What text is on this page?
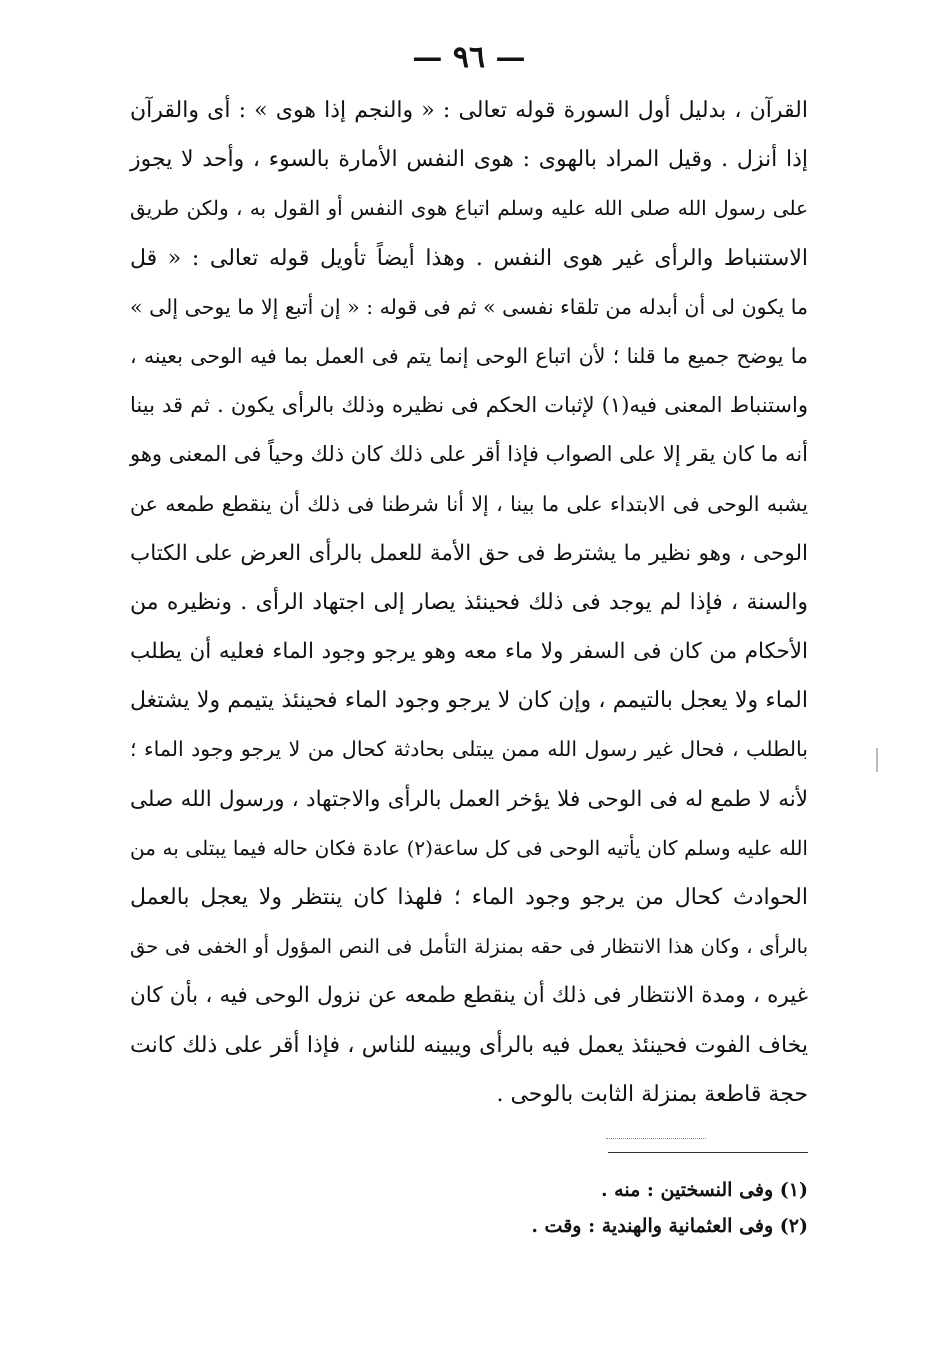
— ٩٦ —
القرآن ، بدليل أول السورة قوله تعالى : « والنجم إذا هوى » : أى والقرآن
إذا أنزل . وقيل المراد بالهوى : هوى النفس الأمارة بالسوء ، وأحد لا يجوز
على رسول الله صلى الله عليه وسلم اتباع هوى النفس أو القول به ، ولكن طريق
الاستنباط والرأى غير هوى النفس . وهذا أيضاً تأويل قوله تعالى : « قل
ما يكون لى أن أبدله من تلقاء نفسى » ثم فى قوله : « إن أتبع إلا ما يوحى إلى »
ما يوضح جميع ما قلنا ؛ لأن اتباع الوحى إنما يتم فى العمل بما فيه الوحى بعينه ،
واستنباط المعنى فيه(١) لإثبات الحكم فى نظيره وذلك بالرأى يكون . ثم قد بينا
أنه ما كان يقر إلا على الصواب فإذا أقر على ذلك كان ذلك وحياً فى المعنى وهو
يشبه الوحى فى الابتداء على ما بينا ، إلا أنا شرطنا فى ذلك أن ينقطع طمعه عن
الوحى ، وهو نظير ما يشترط فى حق الأمة للعمل بالرأى العرض على الكتاب
والسنة ، فإذا لم يوجد فى ذلك فحينئذ يصار إلى اجتهاد الرأى . ونظيره من
الأحكام من كان فى السفر ولا ماء معه وهو يرجو وجود الماء فعليه أن يطلب
الماء ولا يعجل بالتيمم ، وإن كان لا يرجو وجود الماء فحينئذ يتيمم ولا يشتغل
بالطلب ، فحال غير رسول الله ممن يبتلى بحادثة كحال من لا يرجو وجود الماء ؛
لأنه لا طمع له فى الوحى فلا يؤخر العمل بالرأى والاجتهاد ، ورسول الله صلى
الله عليه وسلم كان يأتيه الوحى فى كل ساعة(٢) عادة فكان حاله فيما يبتلى به من
الحوادث كحال من يرجو وجود الماء ؛ فلهذا كان ينتظر ولا يعجل بالعمل
بالرأى ، وكان هذا الانتظار فى حقه بمنزلة التأمل فى النص المؤول أو الخفى فى حق
غيره ، ومدة الانتظار فى ذلك أن ينقطع طمعه عن نزول الوحى فيه ، بأن كان
يخاف الفوت فحينئذ يعمل فيه بالرأى ويبينه للناس ، فإذا أقر على ذلك كانت
حجة قاطعة بمنزلة الثابت بالوحى .
(١) وفى النسختين : منه .
(٢) وفى العثمانية والهندية : وقت .
